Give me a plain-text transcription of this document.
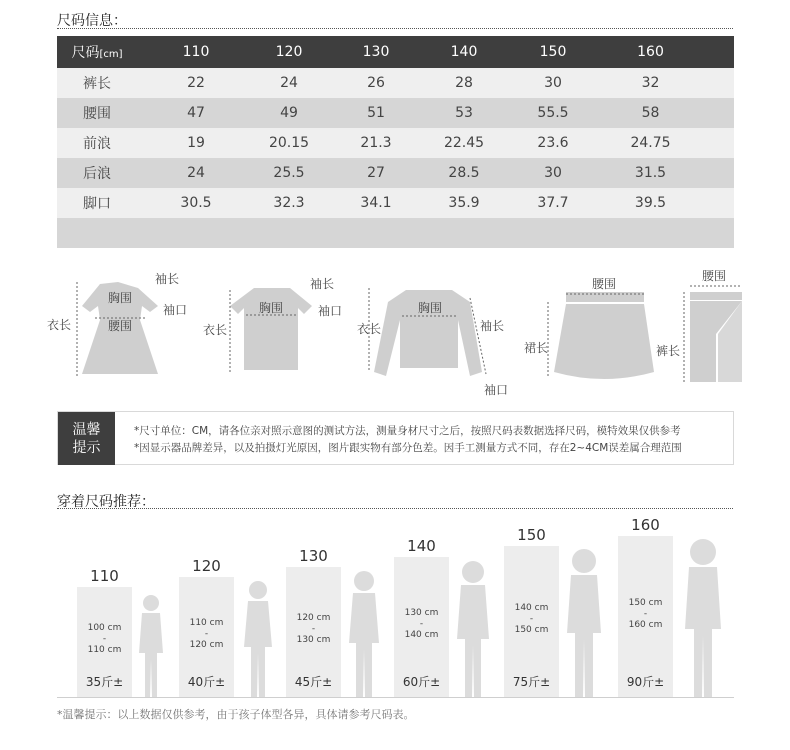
尺码信息：
尺码[cm]	110	120	130	140	150	160
裤长	22	24	26	28	30	32
腰围	47	49	51	53	55.5	58
前浪	19	20.15	21.3	22.45	23.6	24.75
后浪	24	25.5	27	28.5	30	31.5
脚口	30.5	32.3	34.1	35.9	37.7	39.5
袖长
胸围
袖口
衣长	腰围
袖长
胸围	袖口
衣长
胸围
衣长	袖长
袖口
腰围
裙长
腰围
裤长
温馨
提示
*尺寸单位：CM，请各位亲对照示意图的测试方法，测量身材尺寸之后，按照尺码表数据选择尺码，模特效果仅供参考
*因显示器品牌差异，以及拍摄灯光原因，图片跟实物有部分色差。因手工测量方式不同，存在2~4CM误差属合理范围
穿着尺码推荐：
110
100 cm
-
110 cm
35斤±
120
110 cm
-
120 cm
40斤±
130
120 cm
-
130 cm
45斤±
140
130 cm
-
140 cm
60斤±
150
140 cm
-
150 cm
75斤±
160
150 cm
-
160 cm
90斤±
*温馨提示：以上数据仅供参考，由于孩子体型各异，具体请参考尺码表。
